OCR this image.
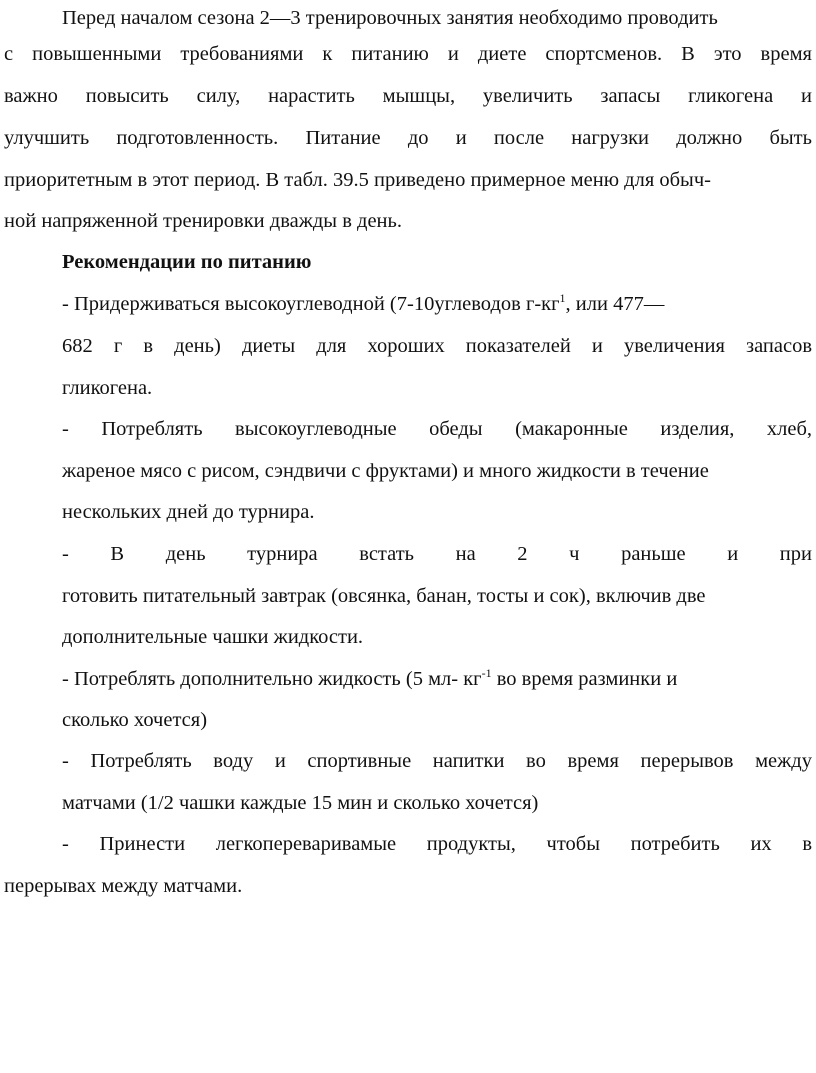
Перед началом сезона 2—3 тренировочных занятия необходимо проводить
с повышенными требованиями к питанию и диете спортсменов. В это время
важно повысить силу, нарастить мышцы, увеличить запасы гликогена и
улучшить подготовленность. Питание до и после нагрузки должно быть
приоритетным в этот период. В табл. 39.5 приведено примерное меню для обыч-
ной напряженной тренировки дважды в день.
Рекомендации по питанию
- Придерживаться высокоуглеводной (7-10углеводов $г-кг^1$, или 477—
682 г в день) диеты для хороших показателей и увеличения запасов
гликогена.
- Потреблять высокоуглеводные обеды (макаронные изделия, хлеб,
жареное мясо с рисом, сэндвичи с фруктами) и много жидкости в течение
нескольких дней до турнира.
- В день турнира встать на 2 ч раньше и при
готовить питательный завтрак (овсянка, банан, тосты и сок), включив две
дополнительные чашки жидкости.
- Потреблять дополнительно жидкость (5 мл- $кг^{-1}$ во время разминки и
сколько хочется)
- Потреблять воду и спортивные напитки во время перерывов между
матчами (1/2 чашки каждые 15 мин и сколько хочется)
- Принести легкопереваривамые продукты, чтобы потребить их в
перерывах между матчами.
